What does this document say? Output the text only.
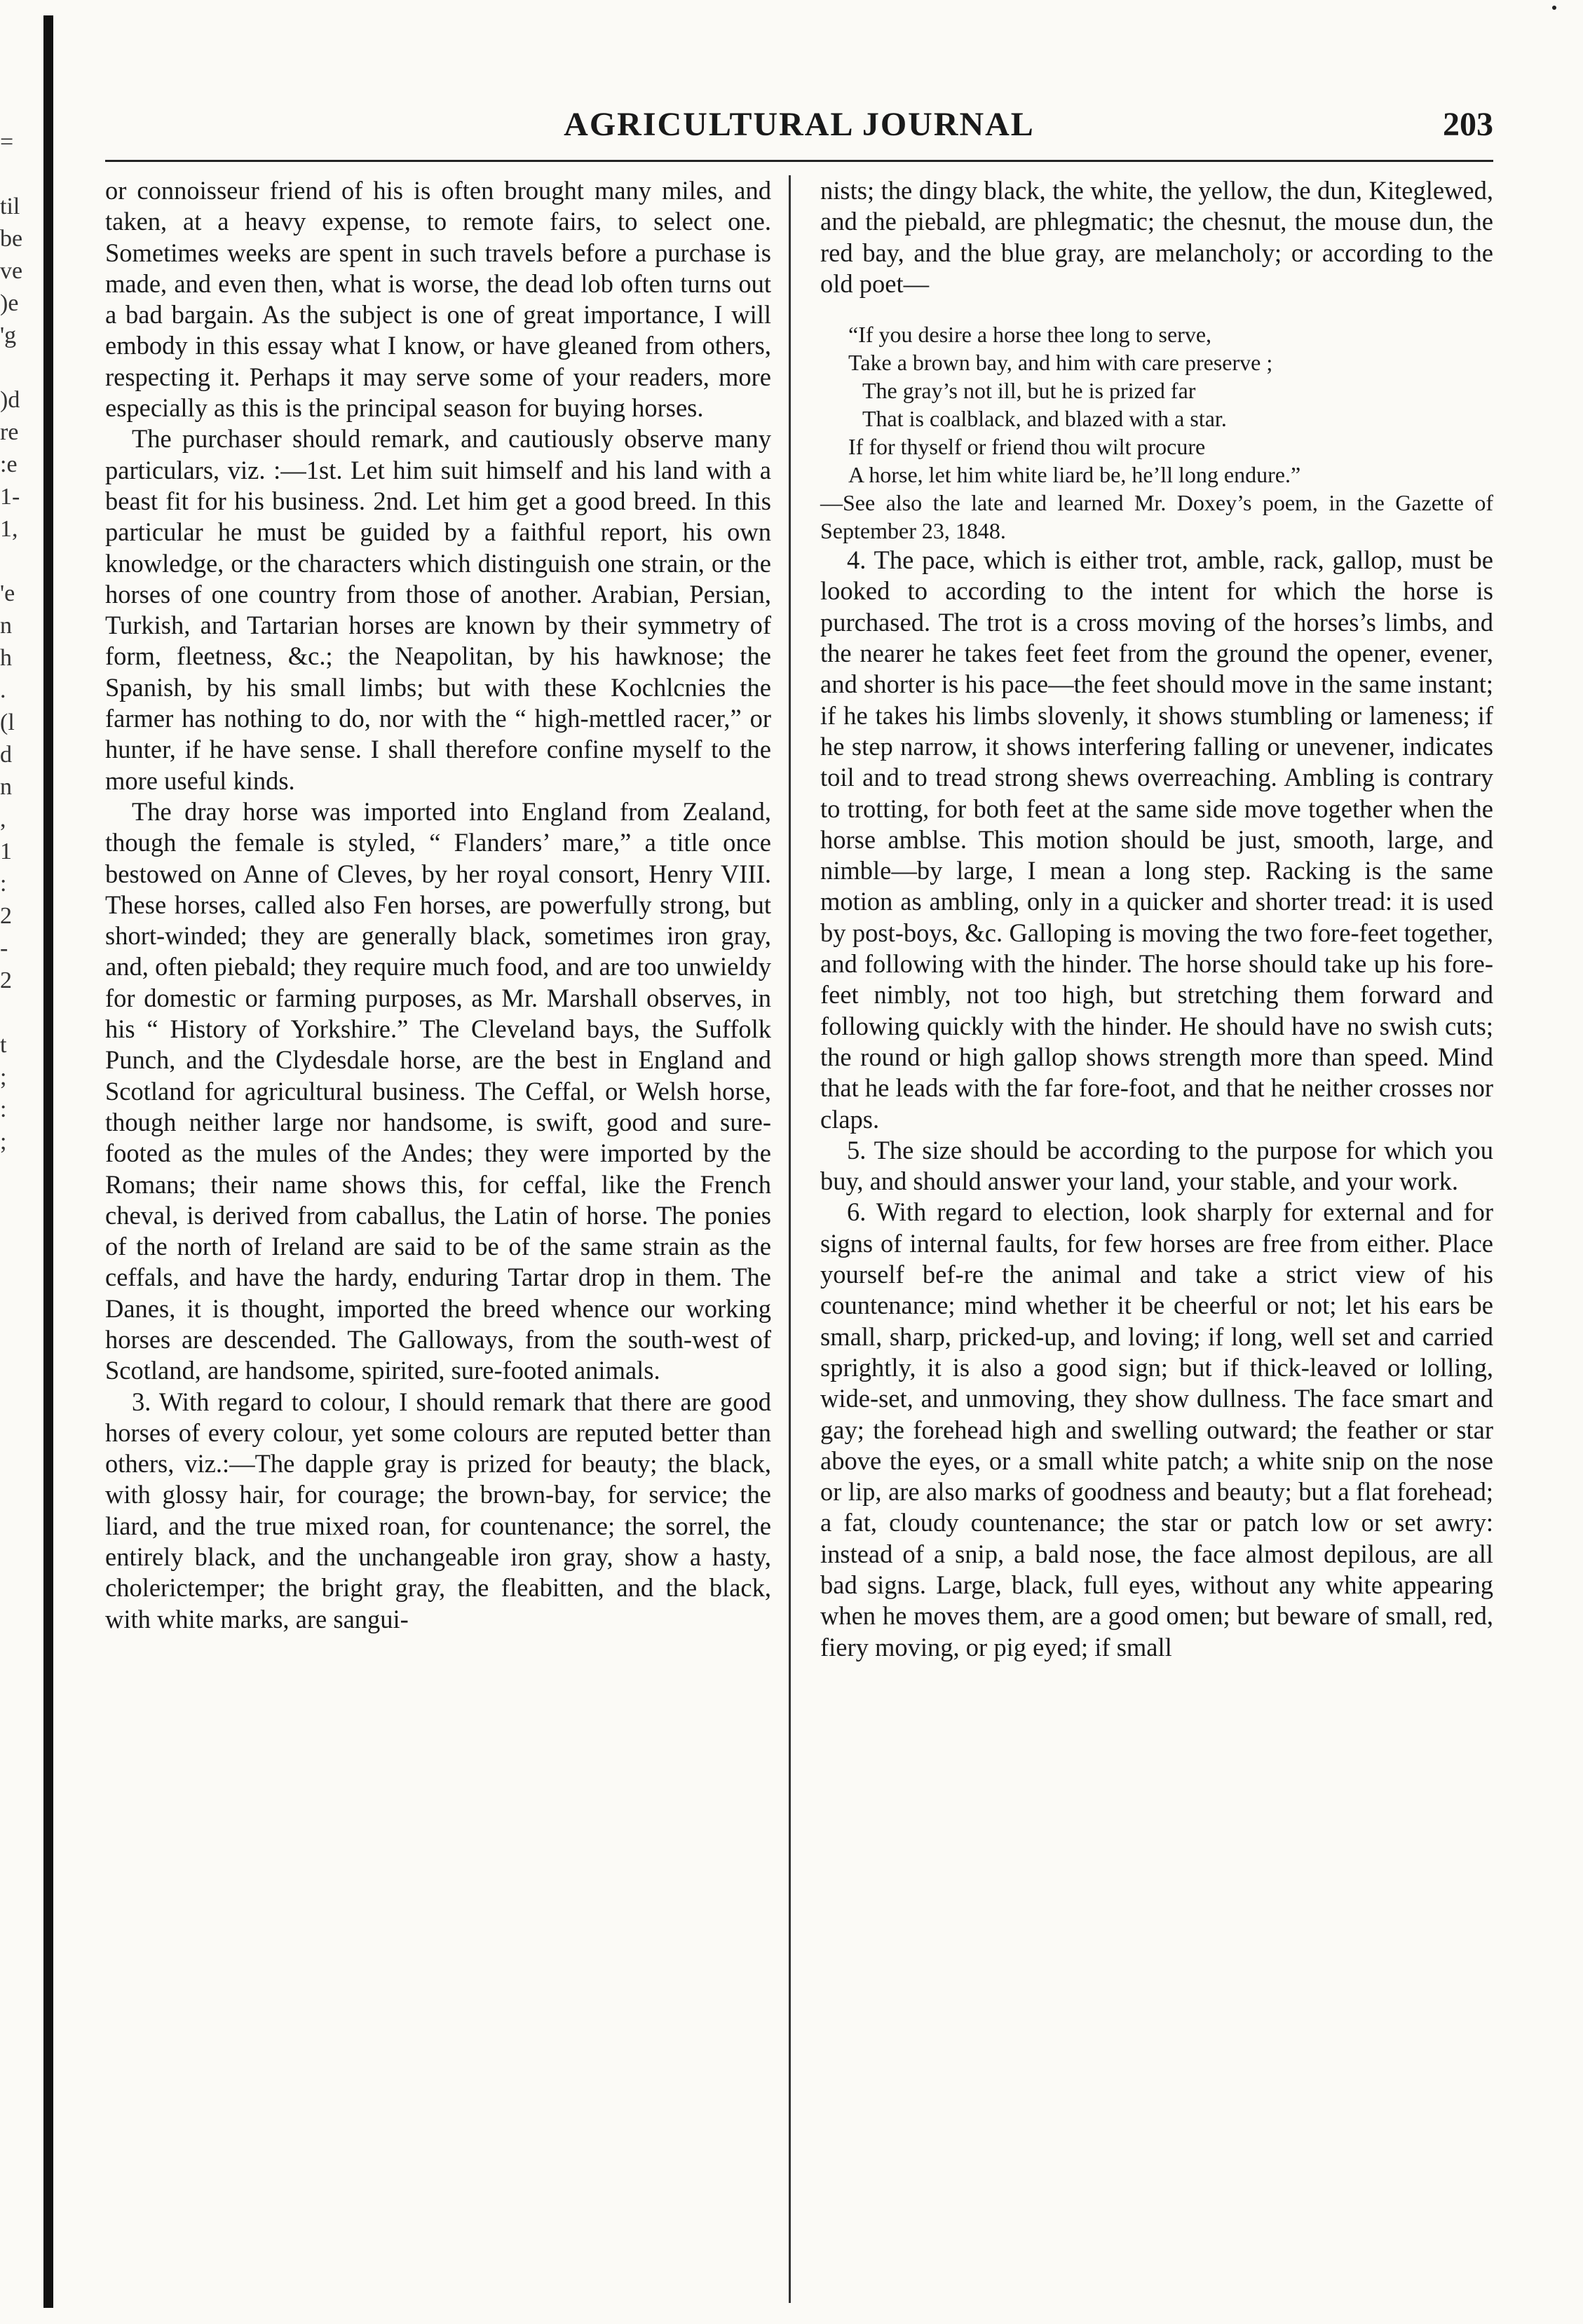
=

til
be
ve
)e
'g

)d
re
:e
1-
1,

'e
n
h
.
(l
d
n
,
1
:
2
-
2

t
;
:
;
AGRICULTURAL JOURNAL	203

or connoisseur friend of his is often brought many miles, and taken, at a heavy expense, to remote fairs, to select one. Sometimes weeks are spent in such travels before a purchase is made, and even then, what is worse, the dead lob often turns out a bad bargain. As the subject is one of great importance, I will embody in this essay what I know, or have gleaned from others, respecting it. Perhaps it may serve some of your readers, more especially as this is the principal season for buying horses.

The purchaser should remark, and cautiously observe many particulars, viz. :—1st. Let him suit himself and his land with a beast fit for his business. 2nd. Let him get a good breed. In this particular he must be guided by a faithful report, his own knowledge, or the characters which distinguish one strain, or the horses of one country from those of another. Arabian, Persian, Turkish, and Tartarian horses are known by their symmetry of form, fleetness, &c.; the Neapolitan, by his hawknose; the Spanish, by his small limbs; but with these Kochlcnies the farmer has nothing to do, nor with the “ high-mettled racer,” or hunter, if he have sense. I shall therefore confine myself to the more useful kinds.

The dray horse was imported into England from Zealand, though the female is styled, “ Flanders’ mare,” a title once bestowed on Anne of Cleves, by her royal consort, Henry VIII. These horses, called also Fen horses, are powerfully strong, but short-winded; they are generally black, sometimes iron gray, and, often piebald; they require much food, and are too unwieldy for domestic or farming purposes, as Mr. Marshall observes, in his “ History of Yorkshire.” The Cleveland bays, the Suffolk Punch, and the Clydesdale horse, are the best in England and Scotland for agricultural business. The Ceffal, or Welsh horse, though neither large nor handsome, is swift, good and sure-footed as the mules of the Andes; they were imported by the Romans; their name shows this, for ceffal, like the French cheval, is derived from caballus, the Latin of horse. The ponies of the north of Ireland are said to be of the same strain as the ceffals, and have the hardy, enduring Tartar drop in them. The Danes, it is thought, imported the breed whence our working horses are descended. The Galloways, from the south-west of Scotland, are handsome, spirited, sure-footed animals.

3. With regard to colour, I should remark that there are good horses of every colour, yet some colours are reputed better than others, viz.:—The dapple gray is prized for beauty; the black, with glossy hair, for courage; the brown-bay, for service; the liard, and the true mixed roan, for countenance; the sorrel, the entirely black, and the unchangeable iron gray, show a hasty, cholerictemper; the bright gray, the fleabitten, and the black, with white marks, are sangui-

nists; the dingy black, the white, the yellow, the dun, Kiteglewed, and the piebald, are phlegmatic; the chesnut, the mouse dun, the red bay, and the blue gray, are melancholy; or according to the old poet—

“If you desire a horse thee long to serve,
Take a brown bay, and him with care preserve ;
The gray’s not ill, but he is prized far
That is coalblack, and blazed with a star.
If for thyself or friend thou wilt procure
A horse, let him white liard be, he’ll long endure.”

—See also the late and learned Mr. Doxey’s poem, in the Gazette of September 23, 1848.

4. The pace, which is either trot, amble, rack, gallop, must be looked to according to the intent for which the horse is purchased. The trot is a cross moving of the horses’s limbs, and the nearer he takes feet feet from the ground the opener, evener, and shorter is his pace—the feet should move in the same instant; if he takes his limbs slovenly, it shows stumbling or lameness; if he step narrow, it shows interfering falling or unevener, indicates toil and to tread strong shews overreaching. Ambling is contrary to trotting, for both feet at the same side move together when the horse amblse. This motion should be just, smooth, large, and nimble—by large, I mean a long step. Racking is the same motion as ambling, only in a quicker and shorter tread: it is used by post-boys, &c. Galloping is moving the two fore-feet together, and following with the hinder. The horse should take up his fore-feet nimbly, not too high, but stretching them forward and following quickly with the hinder. He should have no swish cuts; the round or high gallop shows strength more than speed. Mind that he leads with the far fore-foot, and that he neither crosses nor claps.

5. The size should be according to the purpose for which you buy, and should answer your land, your stable, and your work.

6. With regard to election, look sharply for external and for signs of internal faults, for few horses are free from either. Place yourself bef-re the animal and take a strict view of his countenance; mind whether it be cheerful or not; let his ears be small, sharp, pricked-up, and loving; if long, well set and carried sprightly, it is also a good sign; but if thick-leaved or lolling, wide-set, and unmoving, they show dullness. The face smart and gay; the forehead high and swelling outward; the feather or star above the eyes, or a small white patch; a white snip on the nose or lip, are also marks of goodness and beauty; but a flat forehead; a fat, cloudy countenance; the star or patch low or set awry: instead of a snip, a bald nose, the face almost depilous, are all bad signs. Large, black, full eyes, without any white appearing when he moves them, are a good omen; but beware of small, red, fiery moving, or pig eyed; if small
